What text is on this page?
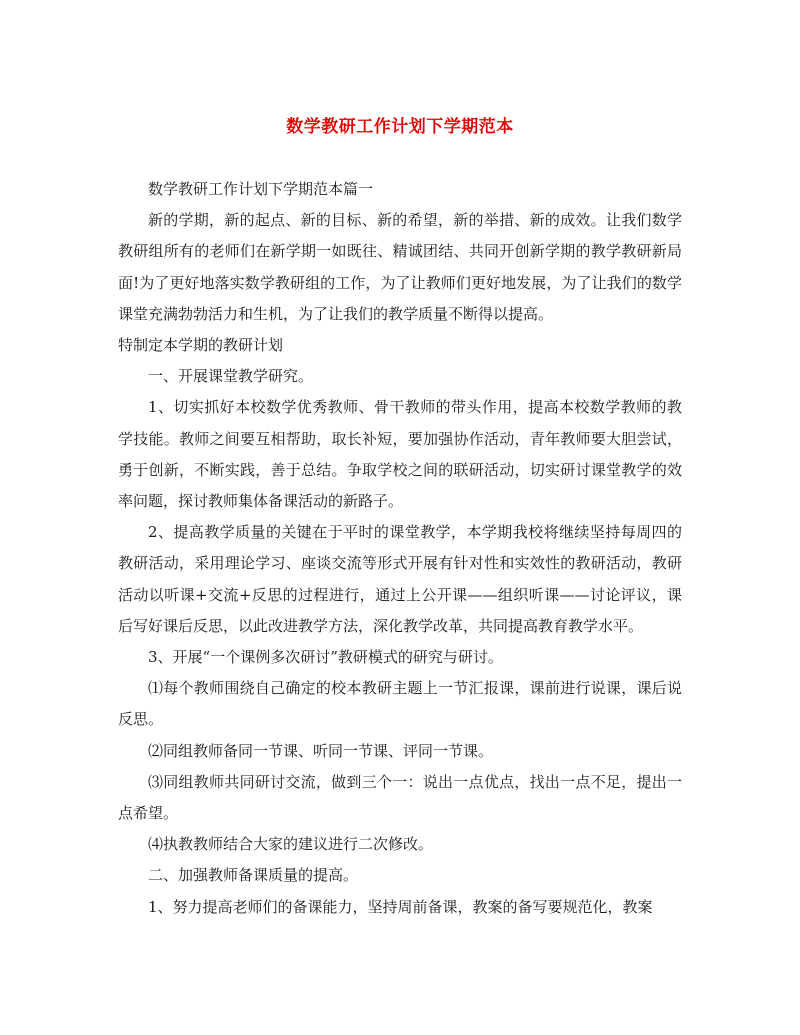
数学教研工作计划下学期范本

数学教研工作计划下学期范本篇一

新的学期，新的起点、新的目标、新的希望，新的举措、新的成效。让我们数学教研组所有的老师们在新学期一如既往、精诚团结、共同开创新学期的教学教研新局面!为了更好地落实数学教研组的工作，为了让教师们更好地发展，为了让我们的数学课堂充满勃勃活力和生机，为了让我们的教学质量不断得以提高。

特制定本学期的教研计划

一、开展课堂教学研究。

1、切实抓好本校数学优秀教师、骨干教师的带头作用，提高本校数学教师的教学技能。教师之间要互相帮助，取长补短，要加强协作活动，青年教师要大胆尝试，勇于创新，不断实践，善于总结。争取学校之间的联研活动，切实研讨课堂教学的效率问题，探讨教师集体备课活动的新路子。

2、提高教学质量的关键在于平时的课堂教学，本学期我校将继续坚持每周四的教研活动，采用理论学习、座谈交流等形式开展有针对性和实效性的教研活动，教研活动以听课+交流+反思的过程进行，通过上公开课——组织听课——讨论评议，课后写好课后反思，以此改进教学方法，深化教学改革，共同提高教育教学水平。

3、开展“一个课例多次研讨”教研模式的研究与研讨。

⑴每个教师围绕自己确定的校本教研主题上一节汇报课，课前进行说课，课后说反思。

⑵同组教师备同一节课、听同一节课、评同一节课。

⑶同组教师共同研讨交流，做到三个一：说出一点优点，找出一点不足，提出一点希望。

⑷执教教师结合大家的建议进行二次修改。

二、加强教师备课质量的提高。

1、努力提高老师们的备课能力，坚持周前备课，教案的备写要规范化，教案
